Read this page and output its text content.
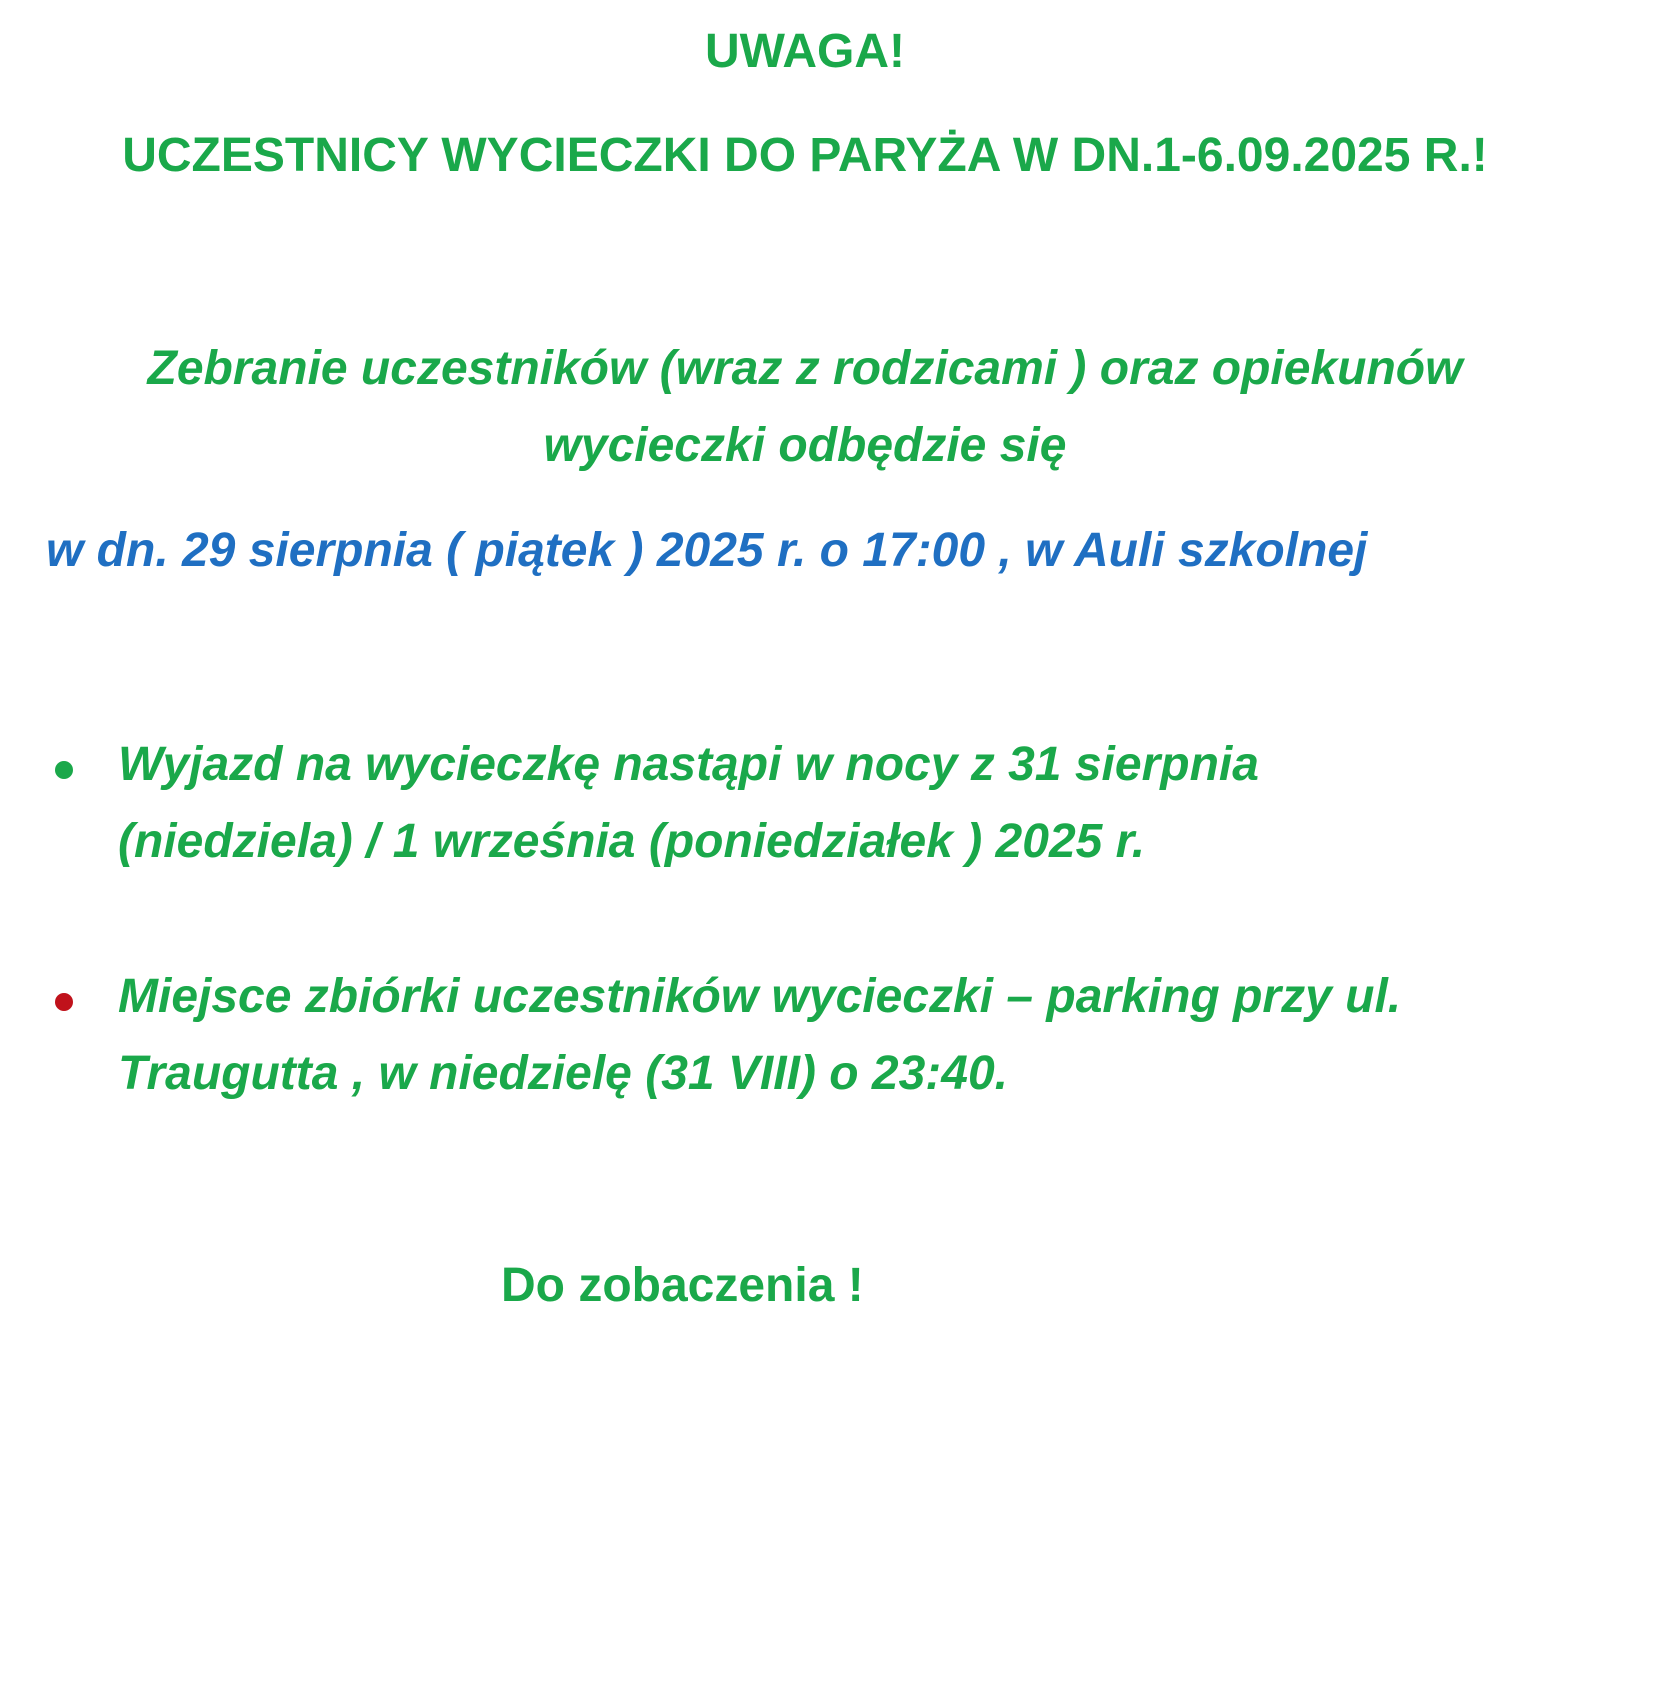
UWAGA!
UCZESTNICY WYCIECZKI DO PARYŻA W DN.1-6.09.2025 R.!
Zebranie uczestników (wraz z rodzicami ) oraz opiekunów
wycieczki odbędzie się
w dn. 29 sierpnia ( piątek ) 2025 r. o 17:00 , w Auli szkolnej
Wyjazd na wycieczkę nastąpi w nocy z 31 sierpnia
(niedziela) / 1 września (poniedziałek ) 2025 r.
Miejsce zbiórki uczestników wycieczki – parking przy ul.
Traugutta , w niedzielę (31 VIII) o 23:40.
Do zobaczenia !
